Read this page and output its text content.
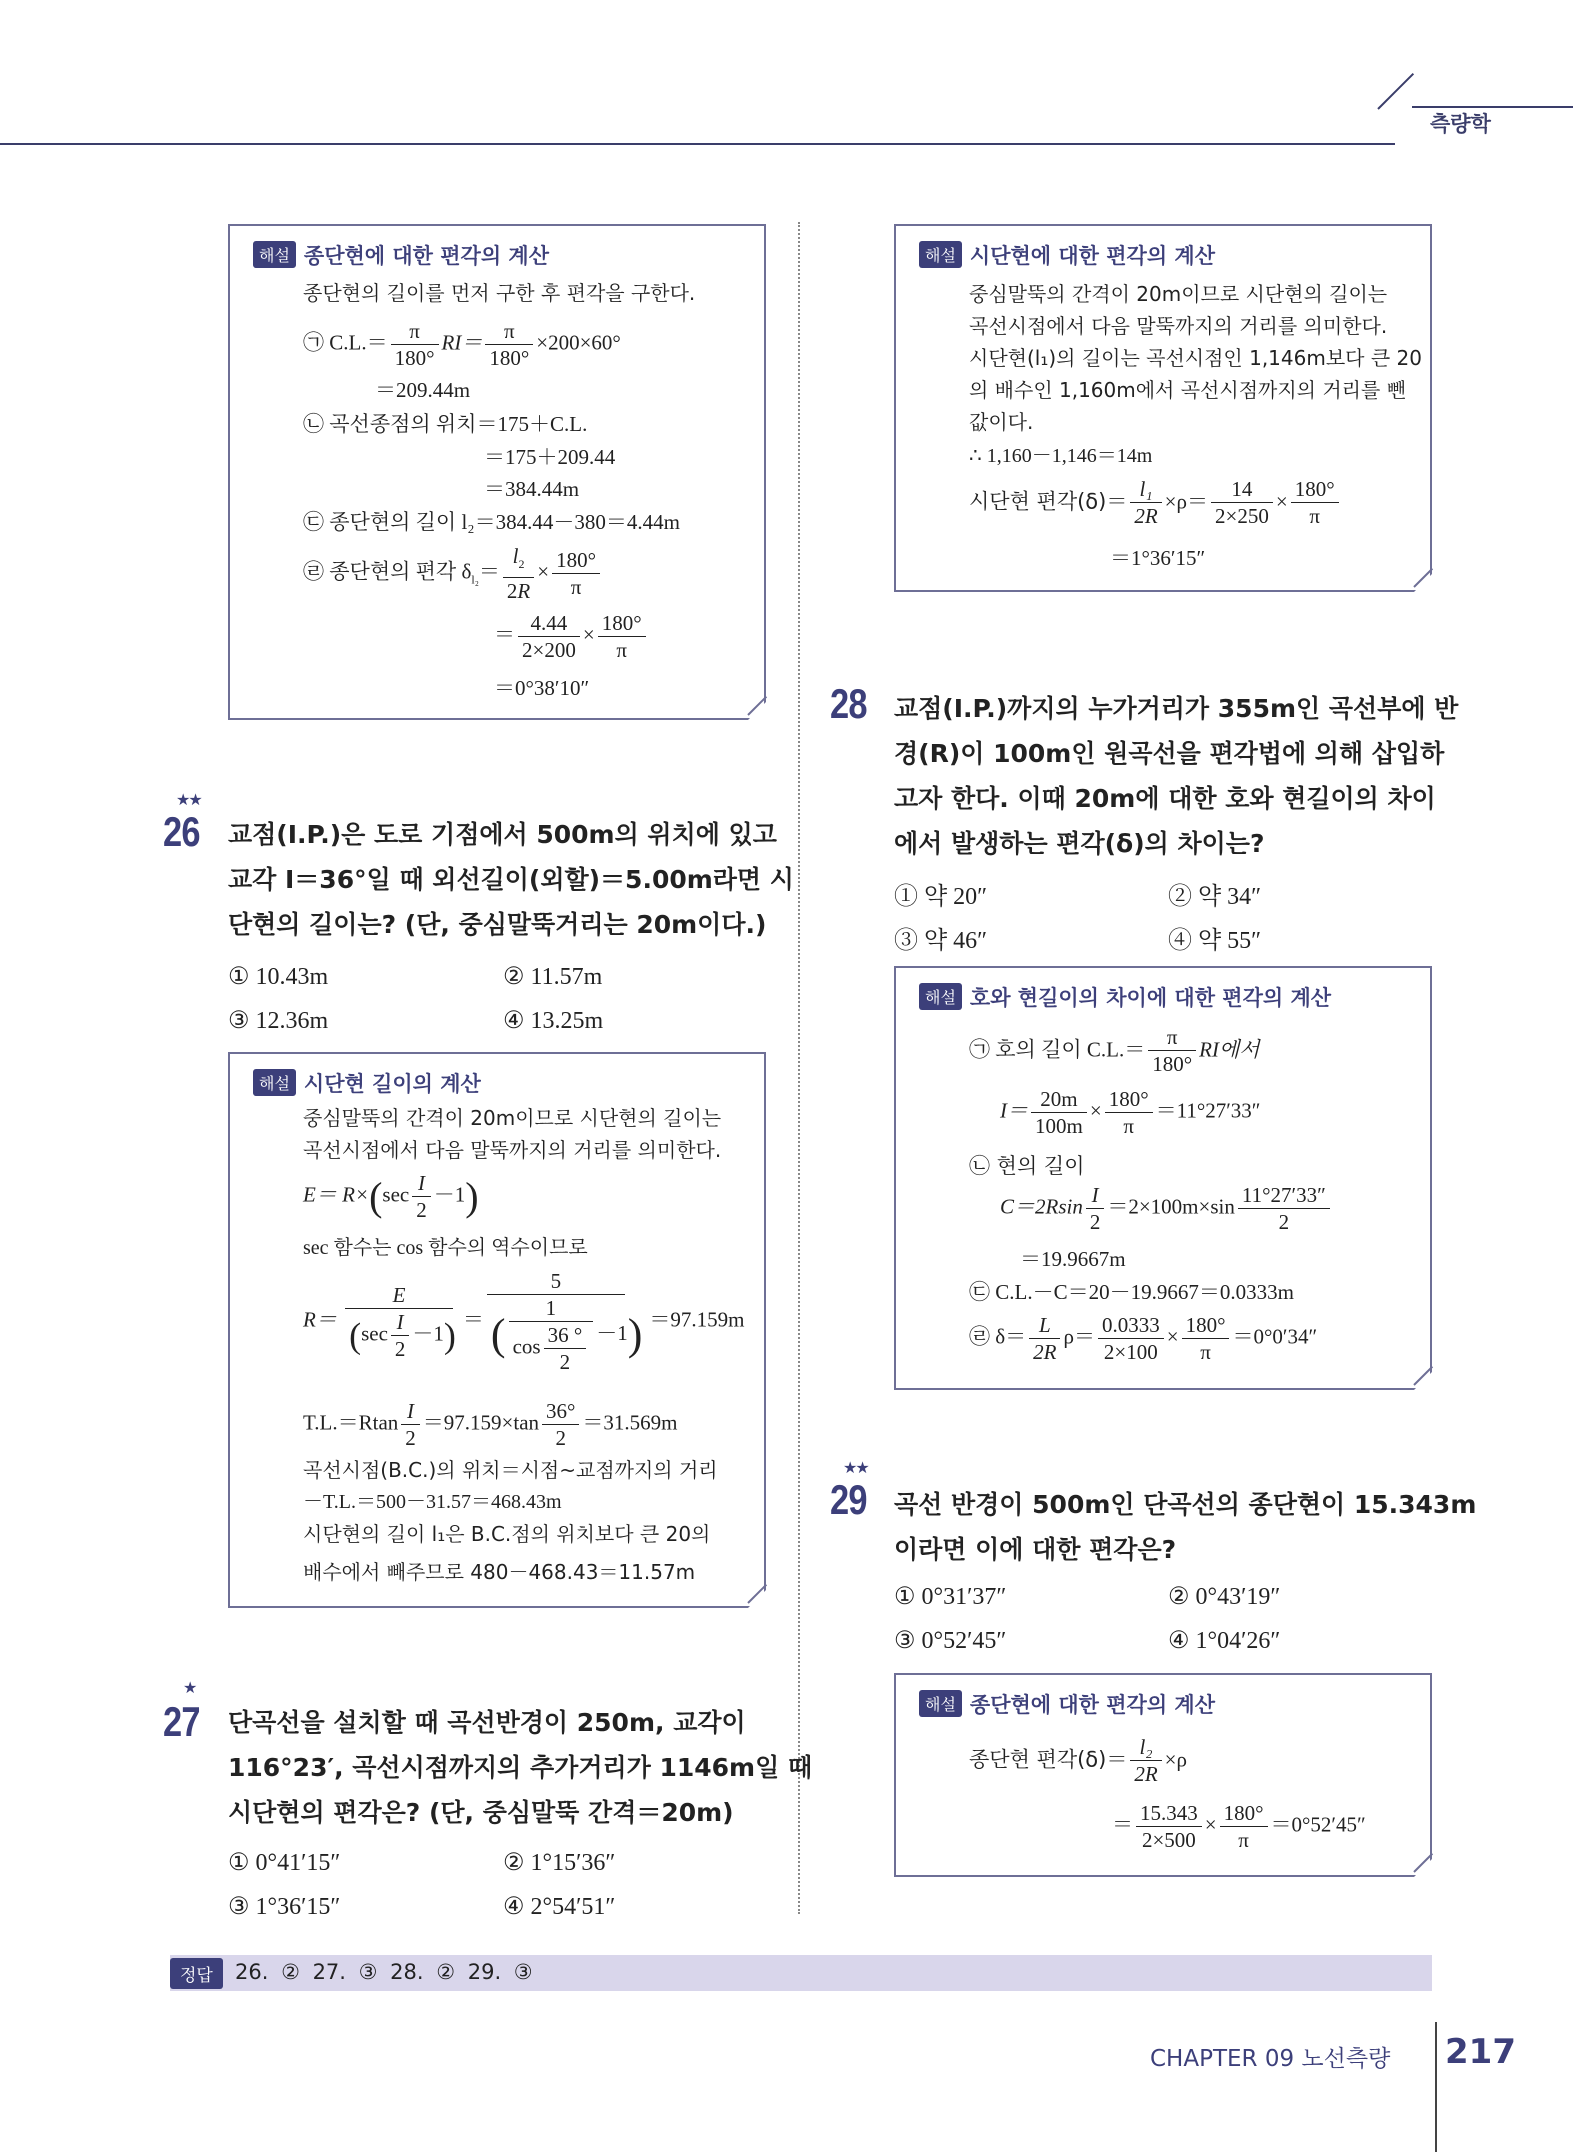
측량학
해설 종단현에 대한 편각의 계산
종단현의 길이를 먼저 구한 후 편각을 구한다.
㉠ $C.L.= \frac{\pi}{180^\circ} RI= \frac{\pi}{180^\circ} \times 200\times 60^\circ$
＝209.44m
㉡ 곡선종점의 위치＝175＋C.L.
＝175＋209.44
＝384.44m
㉢ 종단현의 길이 l₂＝384.44－380＝4.44m
㉣ 종단현의 편각 $\delta_{l_2}= \frac{l_2}{2R} \times \frac{180^\circ}{\pi}$
＝ $\frac{4.44}{2\times 200} \times \frac{180^\circ}{\pi}$
＝0°38′10″
★★
26 교점(I.P.)은 도로 기점에서 500m의 위치에 있고
교각 I＝36°일 때 외선길이(외할)＝5.00m라면 시
단현의 길이는? (단, 중심말뚝거리는 20m이다.)
① 10.43m	② 11.57m
③ 12.36m	④ 13.25m
해설 시단현 길이의 계산
중심말뚝의 간격이 20m이므로 시단현의 길이는
곡선시점에서 다음 말뚝까지의 거리를 의미한다.
$E= R\times(\sec \frac{I}{2} -1)$
sec 함수는 cos 함수의 역수이므로
$R= \frac{E}{(\sec \frac{I}{2} -1)} = \frac{5}{( \frac{1}{\cos \frac{36 ^\circ}{2}} -1)} =97.159m$
$T.L.=Rtan \frac{I}{2} =97.159\times\tan \frac{36^\circ}{2} =31.569m$
곡선시점(B.C.)의 위치＝시점~교점까지의 거리
－T.L.＝500－31.57＝468.43m
시단현의 길이 l₁은 B.C.점의 위치보다 큰 20의
배수에서 빼주므로 480－468.43＝11.57m
★
27 단곡선을 설치할 때 곡선반경이 250m, 교각이
116°23′, 곡선시점까지의 추가거리가 1146m일 때
시단현의 편각은? (단, 중심말뚝 간격＝20m)
① 0°41′15″	② 1°15′36″
③ 1°36′15″	④ 2°54′51″
해설 시단현에 대한 편각의 계산
중심말뚝의 간격이 20m이므로 시단현의 길이는
곡선시점에서 다음 말뚝까지의 거리를 의미한다.
시단현(l₁)의 길이는 곡선시점인 1,146m보다 큰 20
의 배수인 1,160m에서 곡선시점까지의 거리를 뺀
값이다.
∴ 1,160－1,146＝14m
시단현 편각$(\delta)= \frac{\text{l₁}}{2R} \times\rho= \frac{14}{2\times 250} \times \frac{180^\circ}{\pi}$
＝1°36′15″
28 교점(I.P.)까지의 누가거리가 355m인 곡선부에 반
경(R)이 100m인 원곡선을 편각법에 의해 삽입하
고자 한다. 이때 20m에 대한 호와 현길이의 차이
에서 발생하는 편각(δ)의 차이는?
① 약 20″	② 약 34″
③ 약 46″	④ 약 55″
해설 호와 현길이의 차이에 대한 편각의 계산
㉠ 호의 길이 $C.L.= \frac{\pi}{180^\circ}$ RI에서
$I= \frac{20m}{100m} \times \frac{180^\circ}{\pi} =11^\circ 27'33''$
㉡ 현의 길이
$C=2Rsin \frac{I}{2} =2\times 100m\times\sin \frac{11^\circ 27'33''}{2}$
＝19.9667m
㉢ C.L.－C＝20－19.9667＝0.0333m
㉣ $\delta= \frac{L}{2R} \rho= \frac{0.0333}{2\times 100} \times \frac{180^\circ}{\pi} =0^\circ 0'34''$
★★
29 곡선 반경이 500m인 단곡선의 종단현이 15.343m
이라면 이에 대한 편각은?
① 0°31′37″	② 0°43′19″
③ 0°52′45″	④ 1°04′26″
해설 종단현에 대한 편각의 계산
종단현 편각$(\delta)= \frac{\text{l₂}}{2R} \times\rho$
＝ $\frac{15.343}{2\times 500} \times \frac{180^\circ}{\pi} =0^\circ 52'45''$
정답	26. ② 27. ③ 28. ② 29. ③
CHAPTER 09 노선측량 217
